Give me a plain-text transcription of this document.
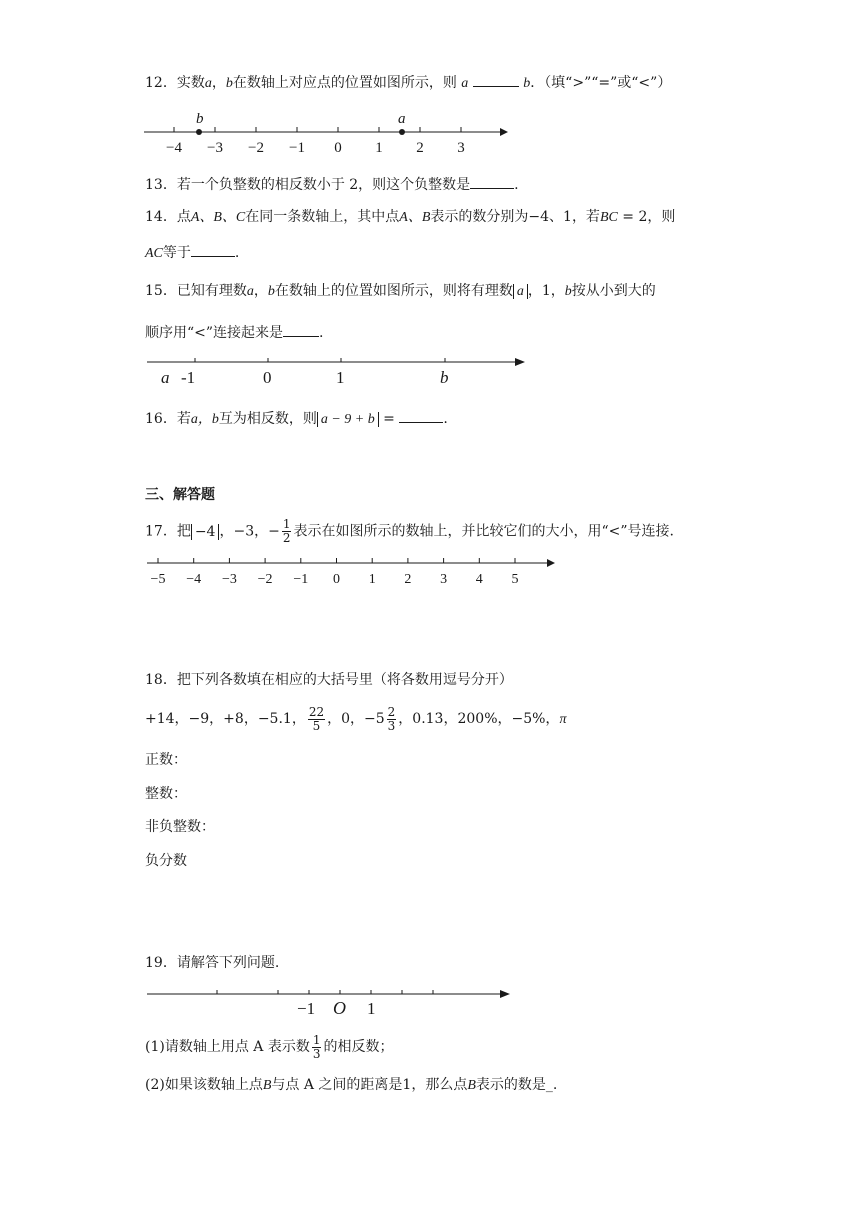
12．实数a，b在数轴上对应点的位置如图所示，则 a	b．（填“>”“=”或“<”）
−4 −3 −2 −1 0 1 2 3
b	a
13．若一个负整数的相反数小于 2，则这个负整数是	.
14．点A、B、C在同一条数轴上，其中点A、B表示的数分别为−4、1，若BC = 2，则
AC等于	.
15．已知有理数a，b在数轴上的位置如图所示，则将有理数 a ，1，b按从小到大的
顺序用“<”连接起来是	.
a -1	0	1	b
16．若a，b互为相反数，则 a − 9 + b =	.
三、解答题
17．把 −4 ，−3，− $\frac{1}{2}$ 表示在如图所示的数轴上，并比较它们的大小，用“<”号连接.
−5 −4 −3 −2 −1 0 1 2 3 4 5
18．把下列各数填在相应的大括号里（将各数用逗号分开）
+14，−9，+8，−5.1， $\frac{22}{5}$ ，0，$-5 \frac{2}{3}$ ，0.13̇，200%，−5%，π
正数：
整数：
非负整数：
负分数
19．请解答下列问题.
−1 O 1
(1)请数轴上用点 A 表示数 $\frac{1}{3}$ 的相反数；
(2)如果该数轴上点B与点 A 之间的距离是1，那么点B表示的数是_.
